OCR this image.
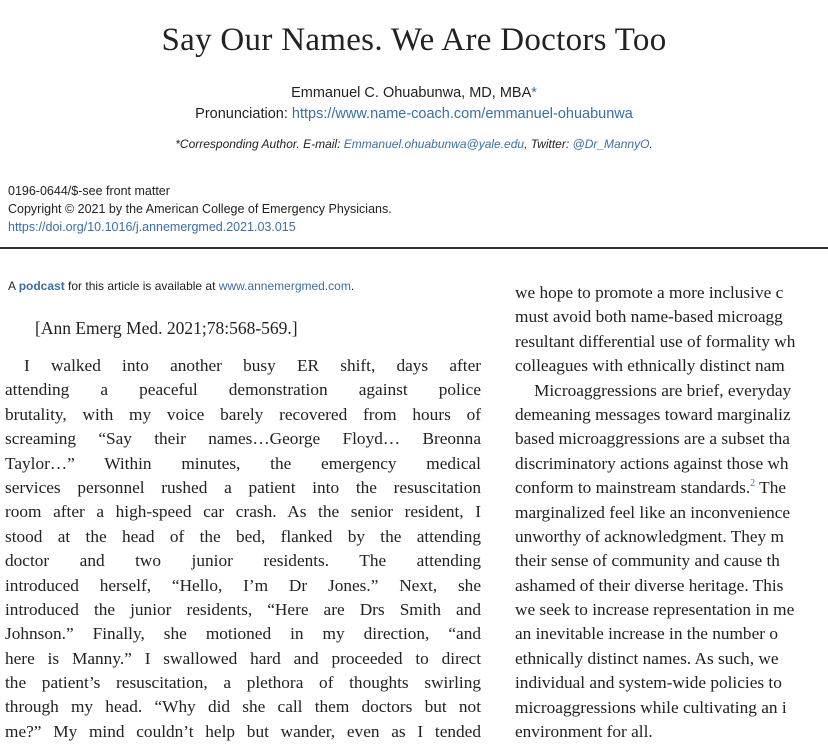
Say Our Names. We Are Doctors Too
Emmanuel C. Ohuabunwa, MD, MBA*
Pronunciation: https://www.name-coach.com/emmanuel-ohuabunwa
*Corresponding Author. E-mail: Emmanuel.ohuabunwa@yale.edu, Twitter: @Dr_MannyO.
0196-0644/$-see front matter
Copyright © 2021 by the American College of Emergency Physicians.
https://doi.org/10.1016/j.annemergmed.2021.03.015
A podcast for this article is available at www.annemergmed.com.
[Ann Emerg Med. 2021;78:568-569.]
I walked into another busy ER shift, days after
attending a peaceful demonstration against police
brutality, with my voice barely recovered from hours of
screaming “Say their names…George Floyd… Breonna
Taylor…” Within minutes, the emergency medical
services personnel rushed a patient into the resuscitation
room after a high-speed car crash. As the senior resident, I
stood at the head of the bed, flanked by the attending
doctor and two junior residents. The attending
introduced herself, “Hello, I’m Dr Jones.” Next, she
introduced the junior residents, “Here are Drs Smith and
Johnson.” Finally, she motioned in my direction, “and
here is Manny.” I swallowed hard and proceeded to direct
the patient’s resuscitation, a plethora of thoughts swirling
through my head. “Why did she call them doctors but not
me?” My mind couldn’t help but wander, even as I tended
we hope to promote a more inclusive c
must avoid both name-based microagg
resultant differential use of formality wh
colleagues with ethnically distinct nam
Microaggressions are brief, everyday
demeaning messages toward marginaliz
based microaggressions are a subset tha
discriminatory actions against those wh
conform to mainstream standards.$^2$ The
marginalized feel like an inconvenience
unworthy of acknowledgment. They m
their sense of community and cause th
ashamed of their diverse heritage. This
we seek to increase representation in me
an inevitable increase in the number o
ethnically distinct names. As such, we
individual and system-wide policies to
microaggressions while cultivating an i
environment for all.
